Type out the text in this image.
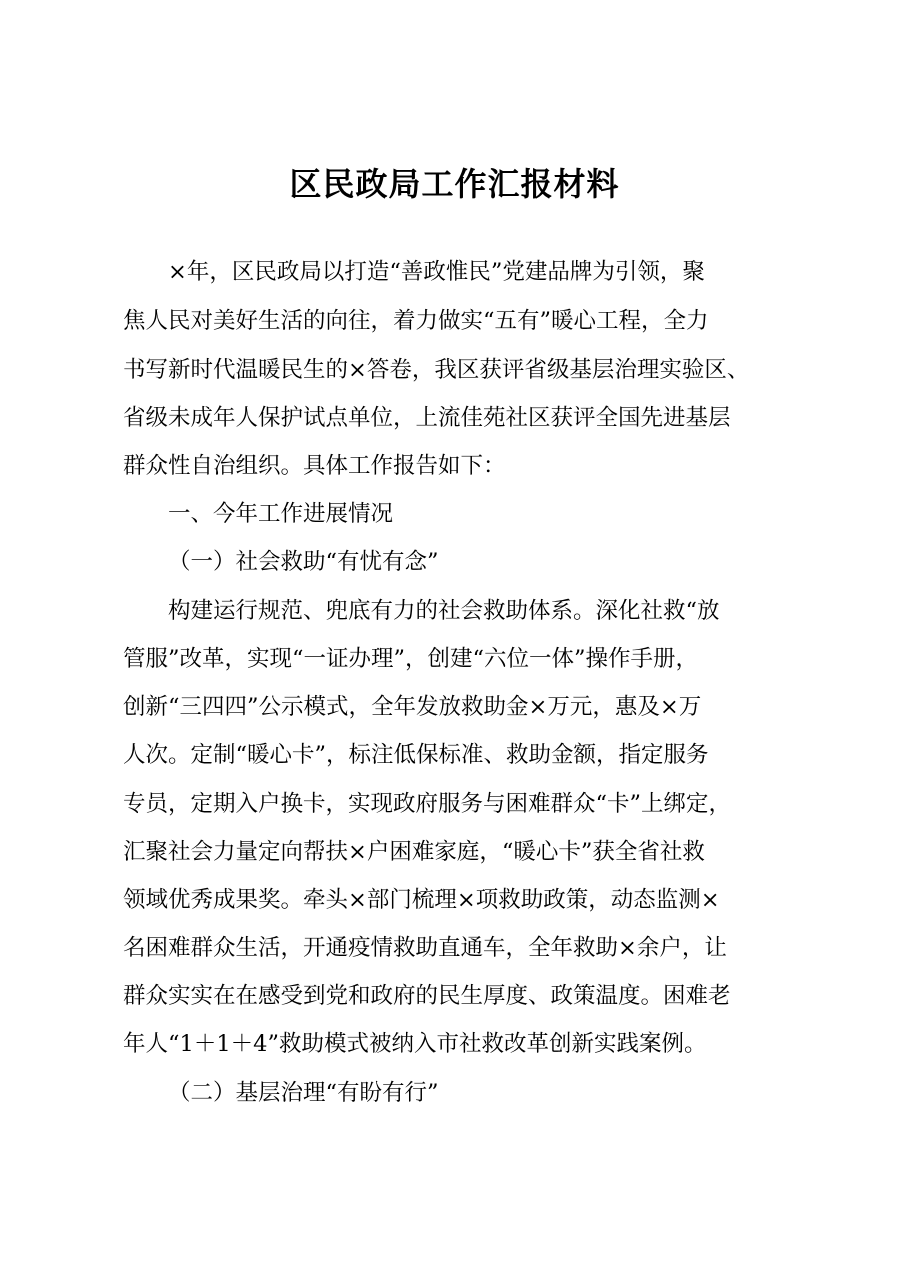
区民政局工作汇报材料

×年，区民政局以打造“善政惟民”党建品牌为引领，聚

焦人民对美好生活的向往，着力做实“五有”暖心工程，全力

书写新时代温暖民生的×答卷，我区获评省级基层治理实验区、

省级未成年人保护试点单位，上流佳苑社区获评全国先进基层

群众性自治组织。具体工作报告如下：

一、今年工作进展情况

（一）社会救助“有忧有念”

构建运行规范、兜底有力的社会救助体系。深化社救“放

管服”改革，实现“一证办理”，创建“六位一体”操作手册，

创新“三四四”公示模式，全年发放救助金×万元，惠及×万

人次。定制“暖心卡”，标注低保标准、救助金额，指定服务

专员，定期入户换卡，实现政府服务与困难群众“卡”上绑定，

汇聚社会力量定向帮扶×户困难家庭，“暖心卡”获全省社救

领域优秀成果奖。牵头×部门梳理×项救助政策，动态监测×

名困难群众生活，开通疫情救助直通车，全年救助×余户，让

群众实实在在感受到党和政府的民生厚度、政策温度。困难老

年人“1＋1＋4”救助模式被纳入市社救改革创新实践案例。

（二）基层治理“有盼有行”
